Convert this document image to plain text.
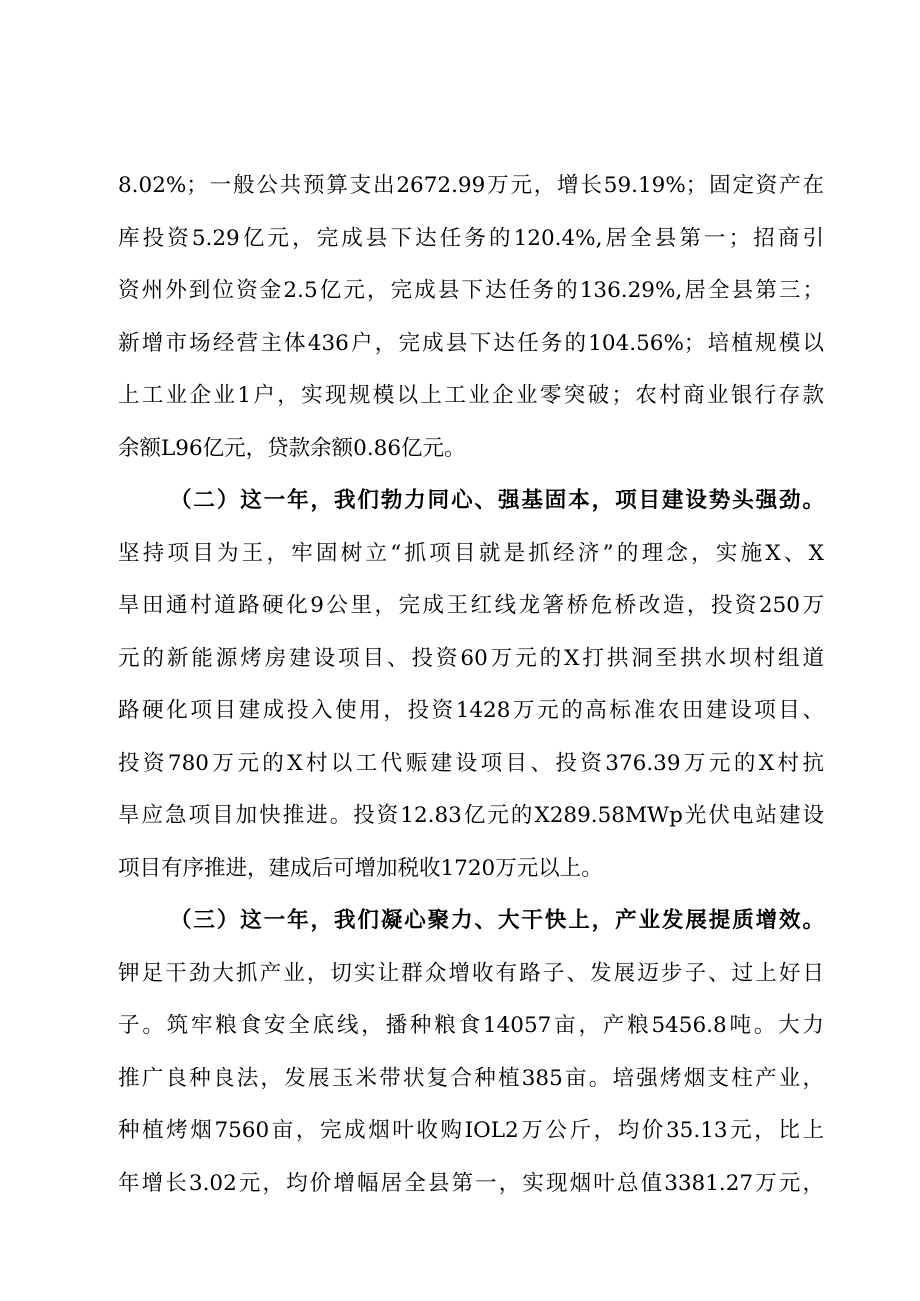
8.02%；一般公共预算支出2672.99万元，增长59.19%；固定资产在
库投资5.29亿元，完成县下达任务的120.4%,居全县第一；招商引
资州外到位资金2.5亿元，完成县下达任务的136.29%,居全县第三；
新增市场经营主体436户，完成县下达任务的104.56%；培植规模以
上工业企业1户，实现规模以上工业企业零突破；农村商业银行存款
余额L96亿元，贷款余额0.86亿元。
（二）这一年，我们勃力同心、强基固本，项目建设势头强劲。
坚持项目为王，牢固树立“抓项目就是抓经济”的理念，实施X、X
旱田通村道路硬化9公里，完成王红线龙箸桥危桥改造，投资250万
元的新能源烤房建设项目、投资60万元的X打拱洞至拱水坝村组道
路硬化项目建成投入使用，投资1428万元的高标准农田建设项目、
投资780万元的X村以工代赈建设项目、投资376.39万元的X村抗
旱应急项目加快推进。投资12.83亿元的X289.58MWp光伏电站建设
项目有序推进，建成后可增加税收1720万元以上。
（三）这一年，我们凝心聚力、大干快上，产业发展提质增效。
钾足干劲大抓产业，切实让群众增收有路子、发展迈步子、过上好日
子。筑牢粮食安全底线，播种粮食14057亩，产粮5456.8吨。大力
推广良种良法，发展玉米带状复合种植385亩。培强烤烟支柱产业，
种植烤烟7560亩，完成烟叶收购IOL2万公斤，均价35.13元，比上
年增长3.02元，均价增幅居全县第一，实现烟叶总值3381.27万元，
